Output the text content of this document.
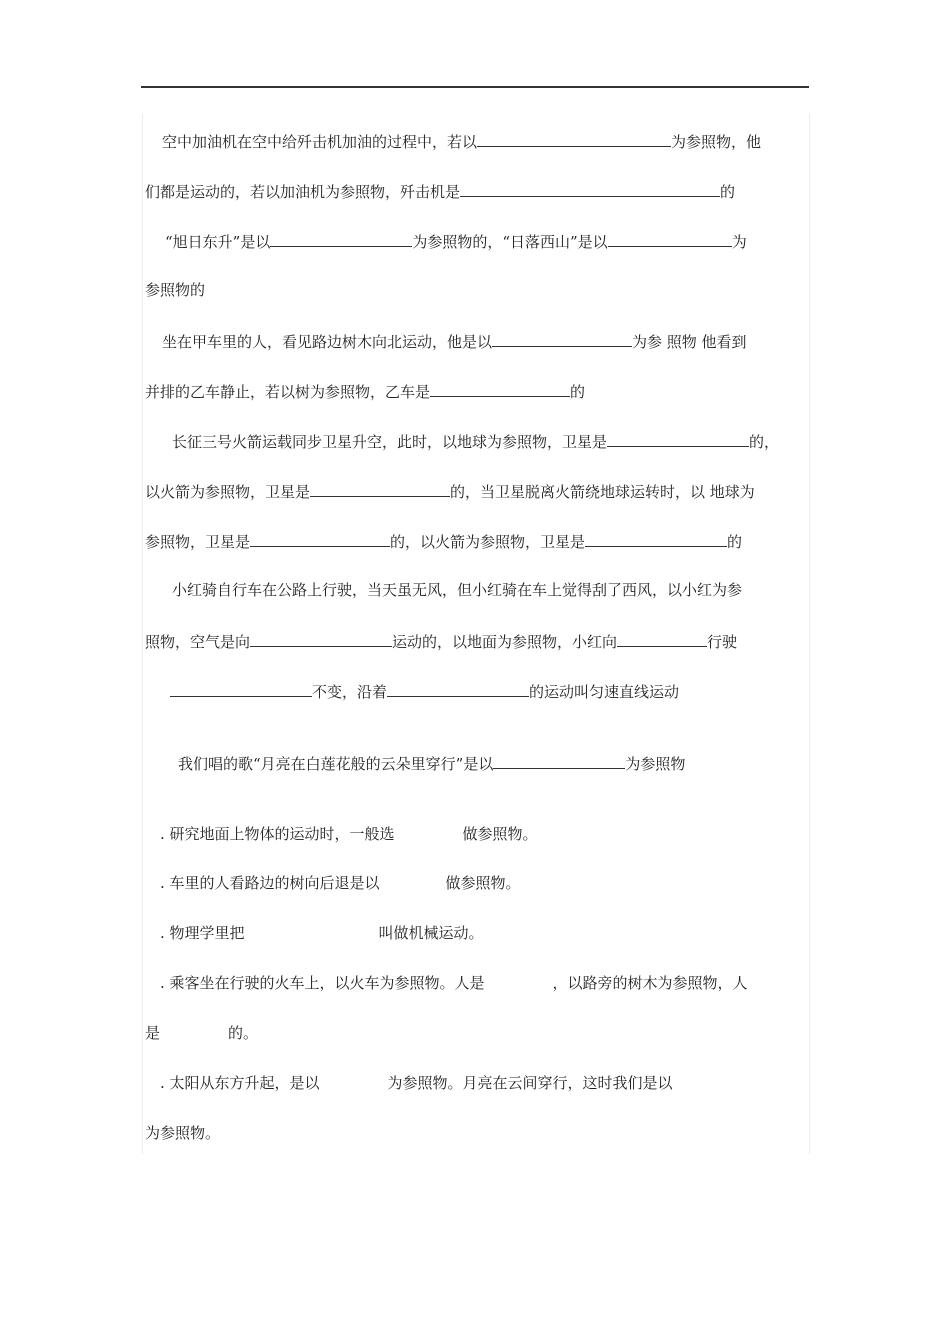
空中加油机在空中给歼击机加油的过程中，若以	为参照物，他
们都是运动的，若以加油机为参照物，歼击机是	的
“旭日东升”是以	为参照物的，“日落西山”是以	为
参照物的
坐在甲车里的人，看见路边树木向北运动，他是以	为参 照物 他看到
并排的乙车静止，若以树为参照物，乙车是	的
长征三号火箭运载同步卫星升空，此时，以地球为参照物，卫星是	的，
以火箭为参照物，卫星是	的，当卫星脱离火箭绕地球运转时，以 地球为
参照物，卫星是	的，以火箭为参照物，卫星是	的
小红骑自行车在公路上行驶，当天虽无风，但小红骑在车上觉得刮了西风，以小红为参
照物，空气是向	运动的，以地面为参照物，小红向	行驶
不变，沿着	的运动叫匀速直线运动
我们唱的歌“月亮在白莲花般的云朵里穿行”是以	为参照物
. 研究地面上物体的运动时，一般选	做参照物。
. 车里的人看路边的树向后退是以	做参照物。
. 物理学里把	叫做机械运动。
. 乘客坐在行驶的火车上，以火车为参照物。人是	，以路旁的树木为参照物，人
是	的。
. 太阳从东方升起，是以	为参照物。月亮在云间穿行，这时我们是以
为参照物。
